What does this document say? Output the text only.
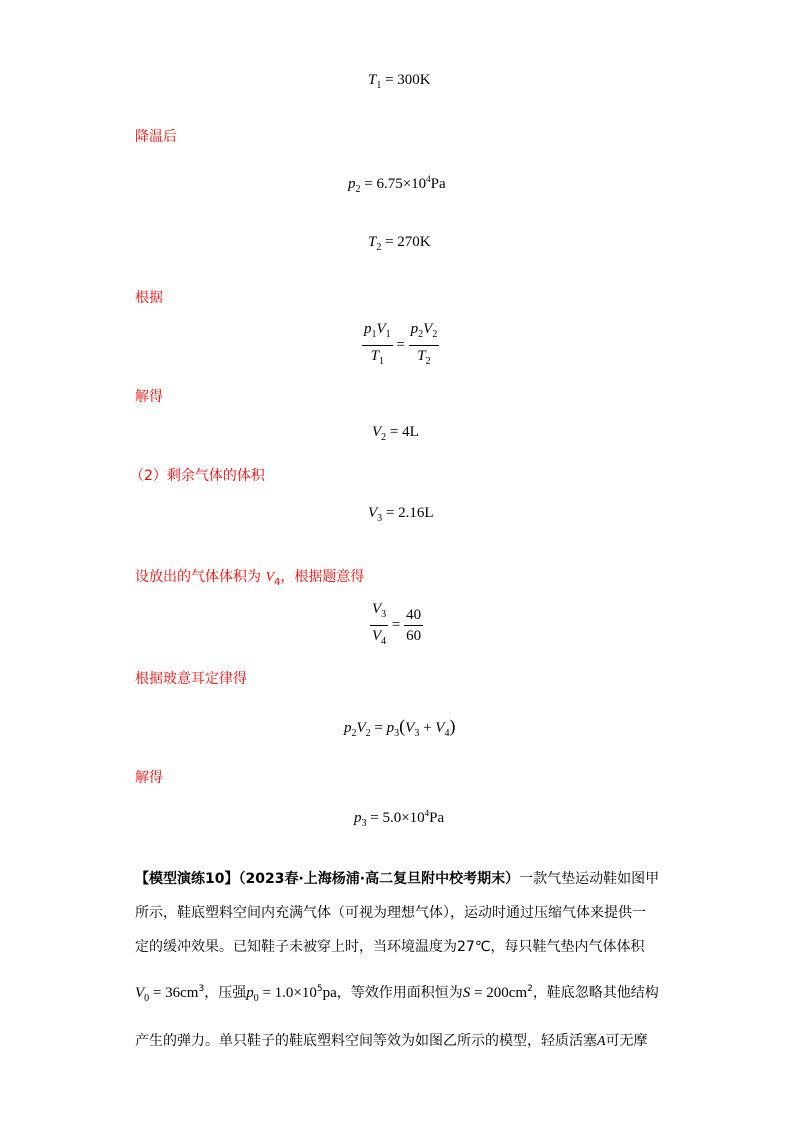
$T_1 = 300K$
降温后
$p_2 = 6.75\times 10^4Pa$
$T_2 = 270K$
根据
$\frac{p_1V_1}{T_1} = \frac{p_2V_2}{T_2}$
解得
$V_2 = 4L$
（2）剩余气体的体积
$V_3 = 2.16L$
设放出的气体体积为 $V_4$，根据题意得
$\frac{V_3}{V_4} = \frac{40}{60}$
根据玻意耳定律得
$p_2V_2 = p_3(V_3 + V_4)$
解得
$p_3 = 5.0\times 10^4Pa$
【模型演练10】（2023春·上海杨浦·高二复旦附中校考期末）一款气垫运动鞋如图甲
所示，鞋底塑料空间内充满气体（可视为理想气体），运动时通过压缩气体来提供一
定的缓冲效果。已知鞋子未被穿上时，当环境温度为27℃，每只鞋气垫内气体体积
$V_0 = 36cm^3$，压强$p_0 = 1.0\times 10^5pa$，等效作用面积恒为$S = 200cm^2$，鞋底忽略其他结构
产生的弹力。单只鞋子的鞋底塑料空间等效为如图乙所示的模型，轻质活塞A可无摩
